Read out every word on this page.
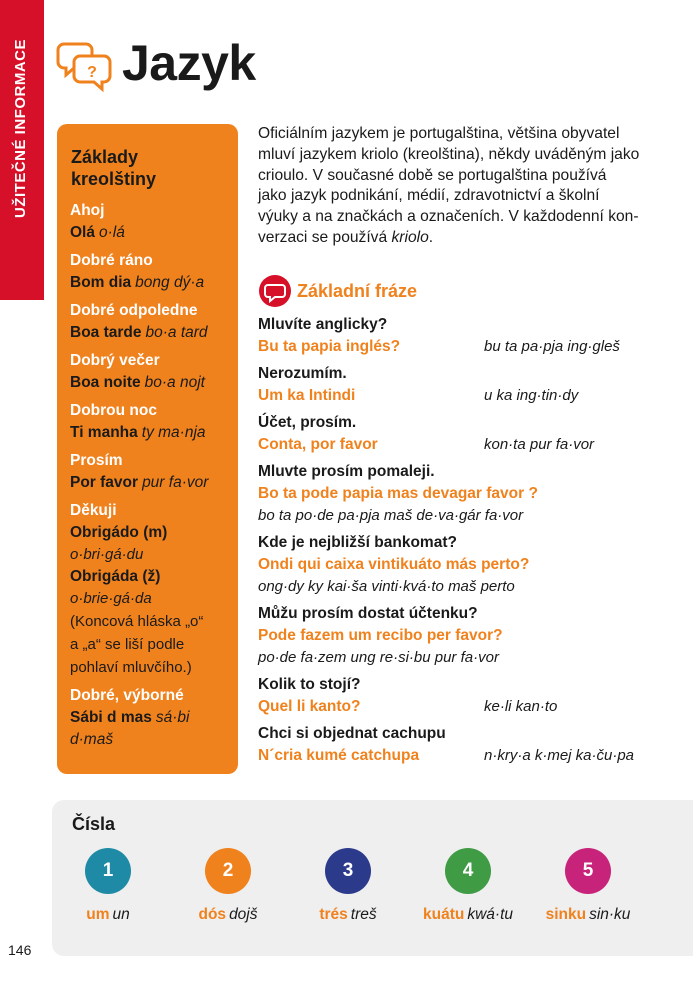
UŽITEČNÉ INFORMACE
JAZYK
? Jazyk
Základy
kreolštiny
Ahoj
Olá o·lá
Dobré ráno
Bom dia bong dý·a
Dobré odpoledne
Boa tarde bo·a tard
Dobrý večer
Boa noite bo·a nojt
Dobrou noc
Ti manha ty ma·nja
Prosím
Por favor pur fa·vor
Děkuji
Obrigádo (m)
o·bri·gá·du
Obrigáda (ž)
o·brie·gá·da
(Koncová hláska „o“
a „a“ se liší podle
pohlaví mluvčího.)
Dobré, výborné
Sábi d mas sá·bi d·maš
Oficiálním jazykem je portugalština, většina obyvatel
mluví jazykem kriolo (kreolština), někdy uváděným jako
crioulo. V současné době se portugalština používá
jako jazyk podnikání, médií, zdravotnictví a školní
výuky a na značkách a označeních. V každodenní kon-
verzaci se používá kriolo.
Základní fráze
Mluvíte anglicky?
Bu ta papia inglés?	bu ta pa·pja ing·gleš
Nerozumím.
Um ka Intindi	u ka ing·tin·dy
Účet, prosím.
Conta, por favor	kon·ta pur fa·vor
Mluvte prosím pomaleji.
Bo ta pode papia mas devagar favor ?
bo ta po·de pa·pja maš de·va·gár fa·vor
Kde je nejbližší bankomat?
Ondi qui caixa vintikuáto más perto?
ong·dy ky kai·ša vinti·kvá·to maš perto
Můžu prosím dostat účtenku?
Pode fazem um recibo per favor?
po·de fa·zem ung re·si·bu pur fa·vor
Kolik to stojí?
Quel li kanto?	ke·li kan·to
Chci si objednat cachupu
N´cria kumé catchupa	n·kry·a k·mej ka·ču·pa
Čísla
1
um un
2
dós dojš
3
trés treš
4
kuátu kwá·tu
5
sinku sin·ku
146
